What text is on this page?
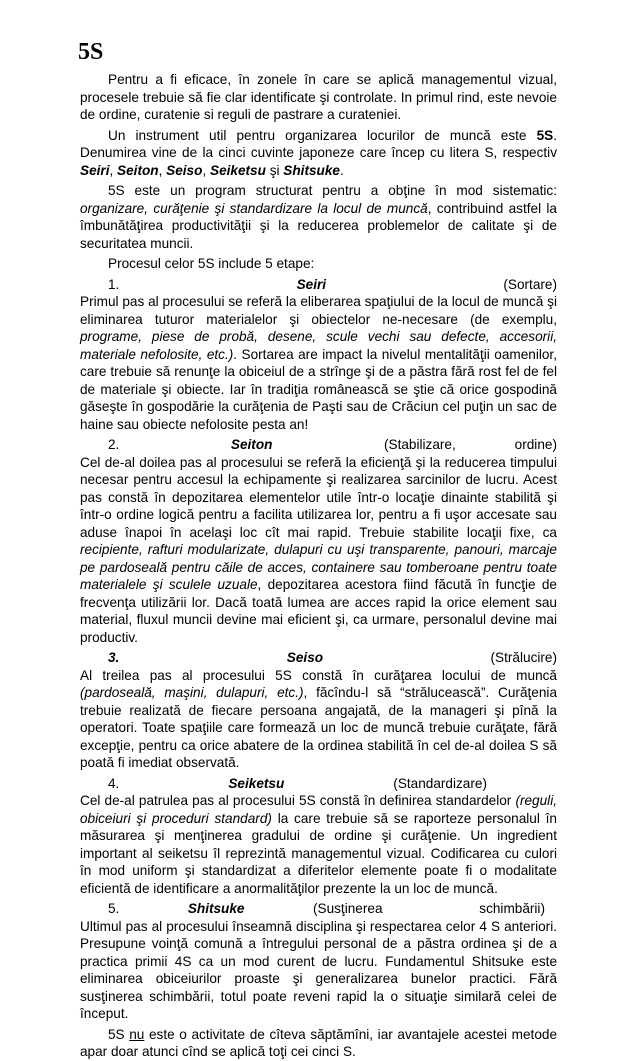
5S

Pentru a fi eficace, în zonele în care se aplică managementul vizual, procesele trebuie să fie clar identificate şi controlate. In primul rind, este nevoie de ordine, curatenie si reguli de pastrare a curateniei.

Un instrument util pentru organizarea locurilor de muncă este 5S. Denumirea vine de la cinci cuvinte japoneze care încep cu litera S, respectiv Seiri, Seiton, Seiso, Seiketsu şi Shitsuke.

5S este un program structurat pentru a obţine în mod sistematic: organizare, curăţenie şi standardizare la locul de muncă, contribuind astfel la îmbunătăţirea productivităţii şi la reducerea problemelor de calitate şi de securitatea muncii.

Procesul celor 5S include 5 etape:

1.	Seiri	(Sortare)

Primul pas al procesului se referă la eliberarea spaţiului de la locul de muncă şi eliminarea tuturor materialelor şi obiectelor ne-necesare (de exemplu, programe, piese de probă, desene, scule vechi sau defecte, accesorii, materiale nefolosite, etc.). Sortarea are impact la nivelul mentalităţii oamenilor, care trebuie să renunţe la obiceiul de a strînge şi de a păstra fără rost fel de fel de materiale şi obiecte. Iar în tradiţia românească se ştie că orice gospodină găseşte în gospodărie la curăţenia de Paşti sau de Crăciun cel puţin un sac de haine sau obiecte nefolosite pesta an!

2.	Seiton	(Stabilizare,	ordine)

Cel de-al doilea pas al procesului se referă la eficienţă şi la reducerea timpului necesar pentru accesul la echipamente şi realizarea sarcinilor de lucru. Acest pas constă în depozitarea elementelor utile într-o locaţie dinainte stabilită şi într-o ordine logică pentru a facilita utilizarea lor, pentru a fi uşor accesate sau aduse înapoi în acelaşi loc cît mai rapid. Trebuie stabilite locaţii fixe, ca recipiente, rafturi modularizate, dulapuri cu uşi transparente, panouri, marcaje pe pardoseală pentru căile de acces, containere sau tomberoane pentru toate materialele şi sculele uzuale, depozitarea acestora fiind făcută în funcţie de frecvenţa utilizării lor. Dacă toată lumea are acces rapid la orice element sau material, fluxul muncii devine mai eficient şi, ca urmare, personalul devine mai productiv.

3.	Seiso	(Strălucire)

Al treilea pas al procesului 5S constă în curăţarea locului de muncă (pardoseală, maşini, dulapuri, etc.), făcîndu-l să “strălucească”. Curăţenia trebuie realizată de fiecare persoana angajată, de la manageri şi pînă la operatori. Toate spaţiile care formează un loc de muncă trebuie curăţate, fără excepţie, pentru ca orice abatere de la ordinea stabilită în cel de-al doilea S să poată fi imediat observată.

4.	Seiketsu	(Standardizare)

Cel de-al patrulea pas al procesului 5S constă în definirea standardelor (reguli, obiceiuri şi proceduri standard) la care trebuie să se raporteze personalul în măsurarea şi menţinerea gradului de ordine şi curăţenie. Un ingredient important al seiketsu îl reprezintă managementul vizual. Codificarea cu culori în mod uniform şi standardizat a diferitelor elemente poate fi o modalitate eficientă de identificare a anormalităţilor prezente la un loc de muncă.

5.	Shitsuke	(Susţinerea	schimbării)

Ultimul pas al procesului înseamnă disciplina şi respectarea celor 4 S anteriori. Presupune voinţă comună a întregului personal de a păstra ordinea şi de a practica primii 4S ca un mod curent de lucru. Fundamentul Shitsuke este eliminarea obiceiurilor proaste şi generalizarea bunelor practici. Fără susţinerea schimbării, totul poate reveni rapid la o situaţie similară celei de început.

5S nu este o activitate de cîteva săptămîni, iar avantajele acestei metode apar doar atunci cînd se aplică toţi cei cinci S.
